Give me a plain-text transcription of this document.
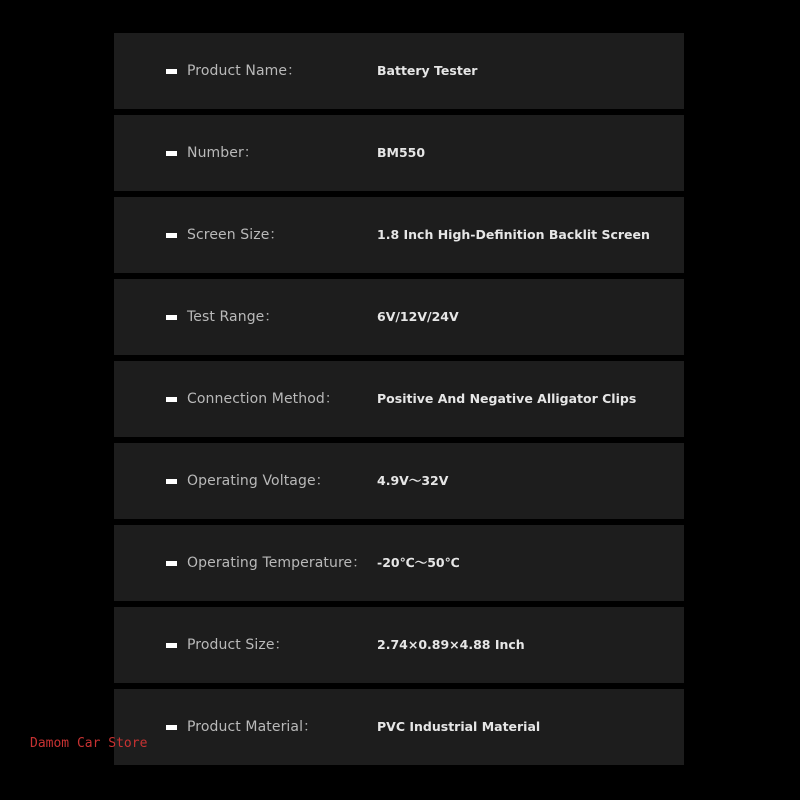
Product Name：	Battery Tester
Number：	BM550
Screen Size：	1.8 Inch High-Definition Backlit Screen
Test Range：	6V/12V/24V
Connection Method：	Positive And Negative Alligator Clips
Operating Voltage：	4.9V～32V
Operating Temperature： -20℃～50℃
Product Size：	2.74×0.89×4.88 Inch
Product Material：	PVC Industrial Material
Damom Car Store
